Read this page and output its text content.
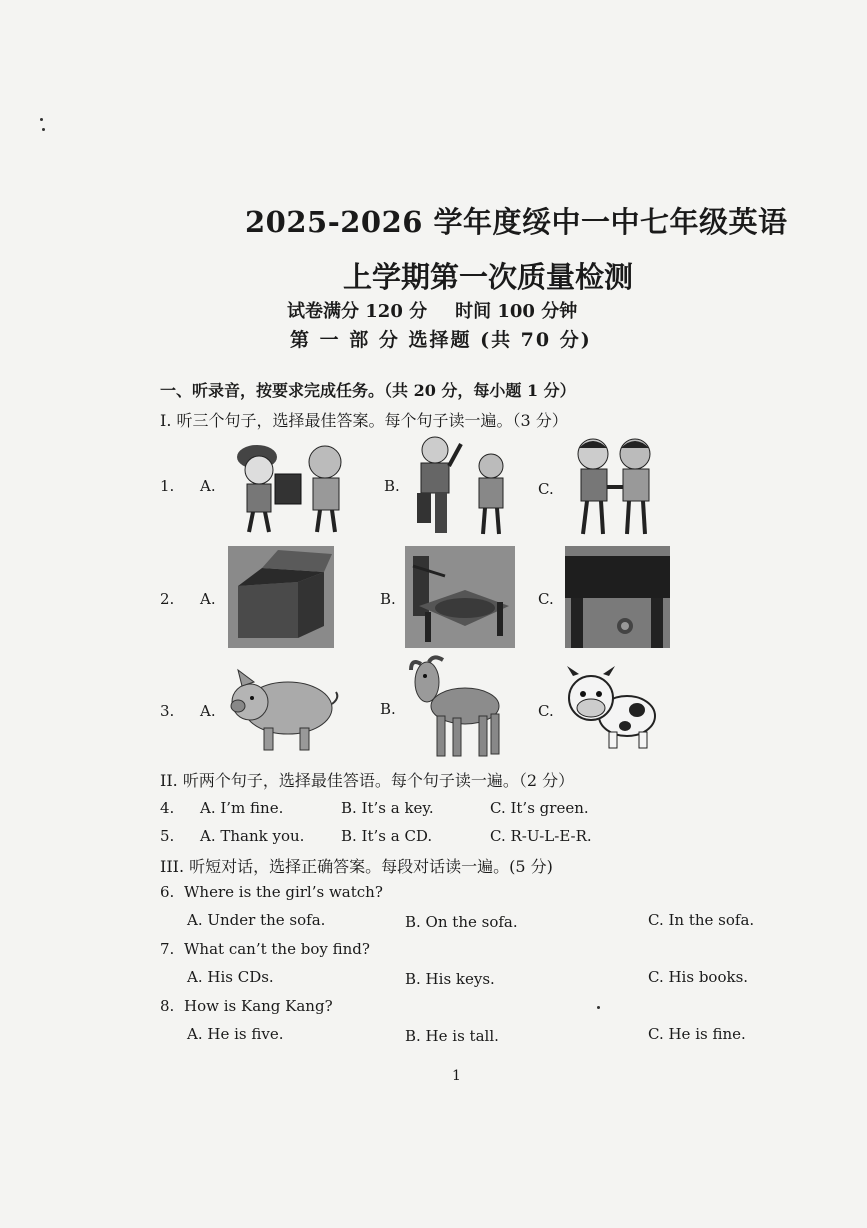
2025-2026 学年度绥中一中七年级英语
上学期第一次质量检测
试卷满分 120 分 时间 100 分钟
第 一 部 分 选择题 (共 70 分)
一、听录音，按要求完成任务。（共 20 分，每小题 1 分）
I. 听三个句子，选择最佳答案。每个句子读一遍。（3 分）
1. A.	B.	C.
2. A.	B.	C.
3. A.	B.	C.
II. 听两个句子，选择最佳答语。每个句子读一遍。（2 分）
4. A. I’m fine.	B. It’s a key.	C. It’s green.
5. A. Thank you. B. It’s a CD.	C. R-U-L-E-R.
III. 听短对话，选择正确答案。每段对话读一遍。(5 分)
6. Where is the girl’s watch?
A. Under the sofa.	B. On the sofa.	C. In the sofa.
7. What can’t the boy find?
A. His CDs.	B. His keys.	C. His books.
8. How is Kang Kang?
A. He is five.	B. He is tall.	C. He is fine.
1
